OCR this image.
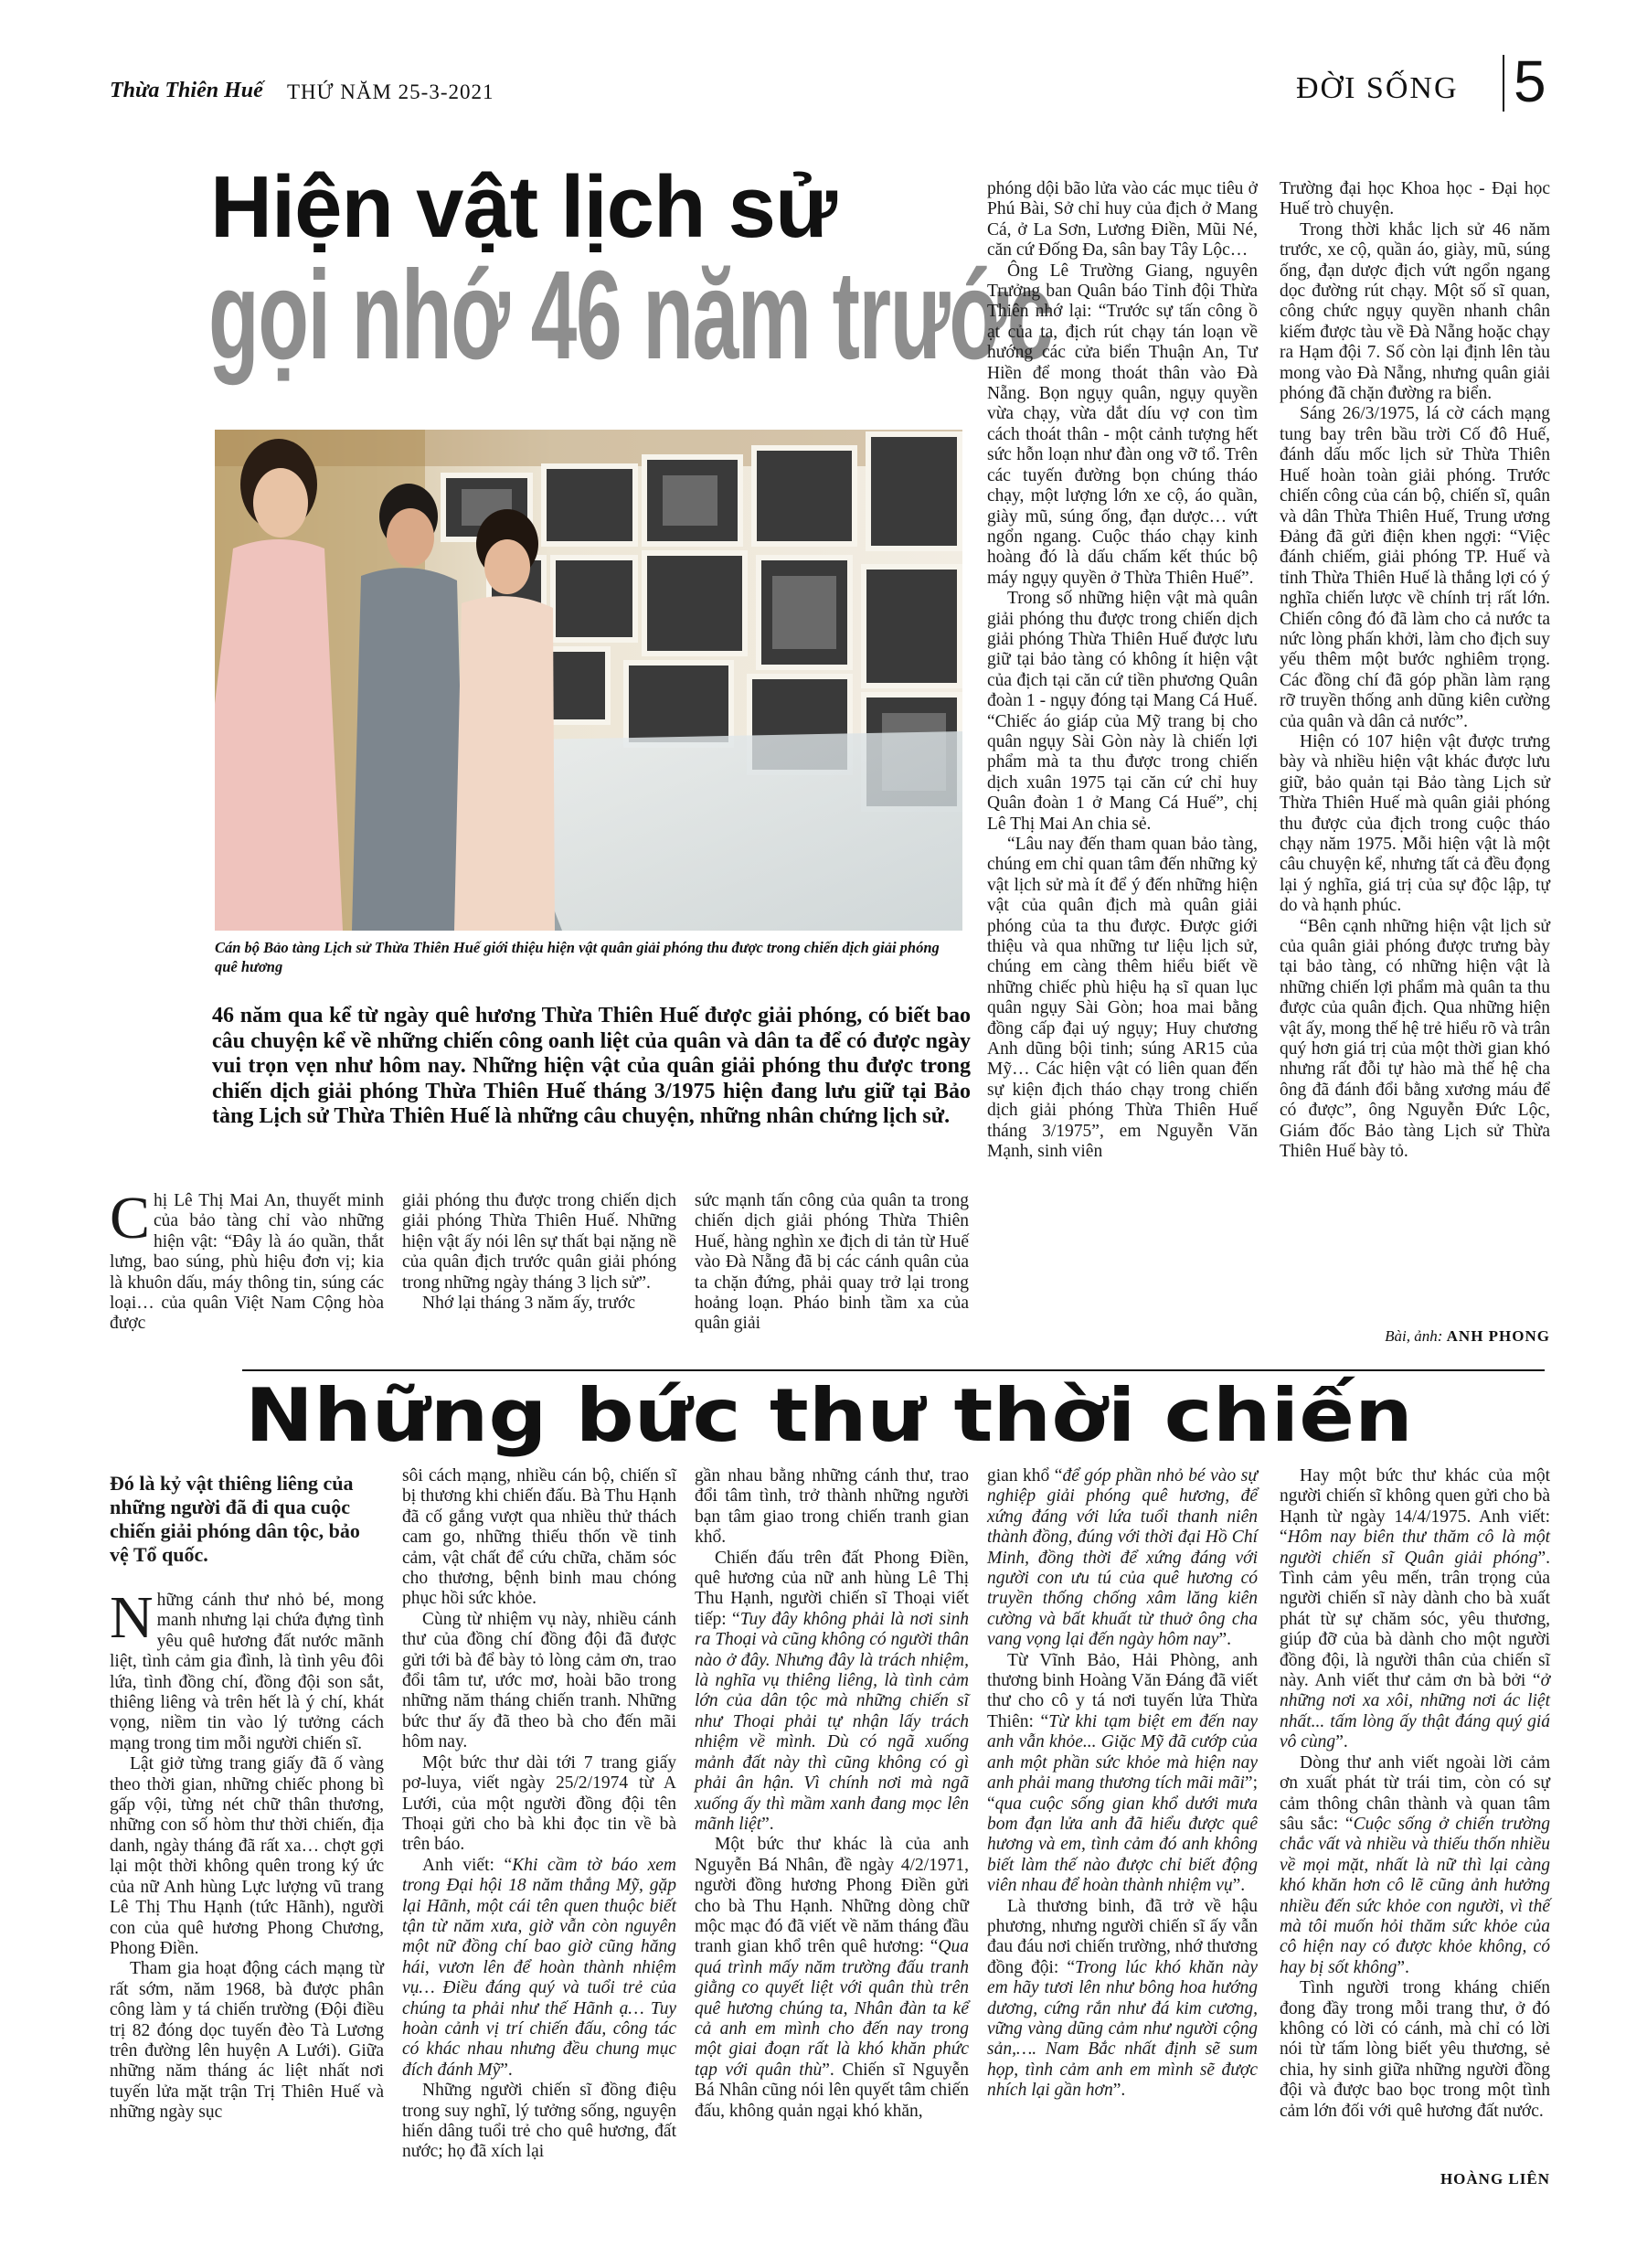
Thừa Thiên Huế THỨ NĂM 25-3-2021	ĐỜI SỐNG 5
Hiện vật lịch sử
gọi nhớ 46 năm trước
Cán bộ Bảo tàng Lịch sử Thừa Thiên Huế giới thiệu hiện vật quân giải phóng thu được trong chiến dịch giải phóng quê hương
46 năm qua kể từ ngày quê hương Thừa Thiên Huế được giải phóng, có biết bao câu chuyện kể về những chiến công oanh liệt của quân và dân ta để có được ngày vui trọn vẹn như hôm nay. Những hiện vật của quân giải phóng thu được trong chiến dịch giải phóng Thừa Thiên Huế tháng 3/1975 hiện đang lưu giữ tại Bảo tàng Lịch sử Thừa Thiên Huế là những câu chuyện, những nhân chứng lịch sử.

Chị Lê Thị Mai An, thuyết minh của bảo tàng chỉ vào những hiện vật: “Đây là áo quần, thắt lưng, bao súng, phù hiệu đơn vị; kia là khuôn dấu, máy thông tin, súng các loại… của quân Việt Nam Cộng hòa được

giải phóng thu được trong chiến dịch giải phóng Thừa Thiên Huế. Những hiện vật ấy nói lên sự thất bại nặng nề của quân địch trước quân giải phóng trong những ngày tháng 3 lịch sử”.

Nhớ lại tháng 3 năm ấy, trước

sức mạnh tấn công của quân ta trong chiến dịch giải phóng Thừa Thiên Huế, hàng nghìn xe địch di tản từ Huế vào Đà Nẵng đã bị các cánh quân của ta chặn đứng, phải quay trở lại trong hoảng loạn. Pháo binh tầm xa của quân giải

phóng dội bão lửa vào các mục tiêu ở Phú Bài, Sở chỉ huy của địch ở Mang Cá, ở La Sơn, Lương Điền, Mũi Né, căn cứ Đống Đa, sân bay Tây Lộc…

Ông Lê Trường Giang, nguyên Trưởng ban Quân báo Tỉnh đội Thừa Thiên nhớ lại: “Trước sự tấn công ồ ạt của ta, địch rút chạy tán loạn về hướng các cửa biển Thuận An, Tư Hiền để mong thoát thân vào Đà Nẵng. Bọn ngụy quân, ngụy quyền vừa chạy, vừa dắt díu vợ con tìm cách thoát thân - một cảnh tượng hết sức hỗn loạn như đàn ong vỡ tổ. Trên các tuyến đường bọn chúng tháo chạy, một lượng lớn xe cộ, áo quần, giày mũ, súng ống, đạn dược… vứt ngổn ngang. Cuộc tháo chạy kinh hoàng đó là dấu chấm kết thúc bộ máy ngụy quyền ở Thừa Thiên Huế”.

Trong số những hiện vật mà quân giải phóng thu được trong chiến dịch giải phóng Thừa Thiên Huế được lưu giữ tại bảo tàng có không ít hiện vật của địch tại căn cứ tiền phương Quân đoàn 1 - ngụy đóng tại Mang Cá Huế. “Chiếc áo giáp của Mỹ trang bị cho quân ngụy Sài Gòn này là chiến lợi phẩm mà ta thu được trong chiến dịch xuân 1975 tại căn cứ chỉ huy Quân đoàn 1 ở Mang Cá Huế”, chị Lê Thị Mai An chia sẻ.

“Lâu nay đến tham quan bảo tàng, chúng em chỉ quan tâm đến những kỷ vật lịch sử mà ít để ý đến những hiện vật của quân địch mà quân giải phóng của ta thu được. Được giới thiệu và qua những tư liệu lịch sử, chúng em càng thêm hiểu biết về những chiếc phù hiệu hạ sĩ quan lục quân ngụy Sài Gòn; hoa mai bằng đồng cấp đại uý ngụy; Huy chương Anh dũng bội tinh; súng AR15 của Mỹ… Các hiện vật có liên quan đến sự kiện địch tháo chạy trong chiến dịch giải phóng Thừa Thiên Huế tháng 3/1975”, em Nguyễn Văn Mạnh, sinh viên

Trường đại học Khoa học - Đại học Huế trò chuyện.

Trong thời khắc lịch sử 46 năm trước, xe cộ, quần áo, giày, mũ, súng ống, đạn dược địch vứt ngổn ngang dọc đường rút chạy. Một số sĩ quan, công chức ngụy quyền nhanh chân kiếm được tàu về Đà Nẵng hoặc chạy ra Hạm đội 7. Số còn lại định lên tàu mong vào Đà Nẵng, nhưng quân giải phóng đã chặn đường ra biển.

Sáng 26/3/1975, lá cờ cách mạng tung bay trên bầu trời Cố đô Huế, đánh dấu mốc lịch sử Thừa Thiên Huế hoàn toàn giải phóng. Trước chiến công của cán bộ, chiến sĩ, quân và dân Thừa Thiên Huế, Trung ương Đảng đã gửi điện khen ngợi: “Việc đánh chiếm, giải phóng TP. Huế và tỉnh Thừa Thiên Huế là thắng lợi có ý nghĩa chiến lược về chính trị rất lớn. Chiến công đó đã làm cho cả nước ta nức lòng phấn khởi, làm cho địch suy yếu thêm một bước nghiêm trọng. Các đồng chí đã góp phần làm rạng rỡ truyền thống anh dũng kiên cường của quân và dân cả nước”.

Hiện có 107 hiện vật được trưng bày và nhiều hiện vật khác được lưu giữ, bảo quản tại Bảo tàng Lịch sử Thừa Thiên Huế mà quân giải phóng thu được của địch trong cuộc tháo chạy năm 1975. Mỗi hiện vật là một câu chuyện kể, nhưng tất cả đều đọng lại ý nghĩa, giá trị của sự độc lập, tự do và hạnh phúc.

“Bên cạnh những hiện vật lịch sử của quân giải phóng được trưng bày tại bảo tàng, có những hiện vật là những chiến lợi phẩm mà quân ta thu được của quân địch. Qua những hiện vật ấy, mong thế hệ trẻ hiểu rõ và trân quý hơn giá trị của một thời gian khó nhưng rất đỗi tự hào mà thế hệ cha ông đã đánh đổi bằng xương máu để có được”, ông Nguyễn Đức Lộc, Giám đốc Bảo tàng Lịch sử Thừa Thiên Huế bày tỏ.

Bài, ảnh: ANH PHONG
Những bức thư thời chiến

Đó là kỷ vật thiêng liêng của những người đã đi qua cuộc chiến giải phóng dân tộc, bảo vệ Tổ quốc.

Những cánh thư nhỏ bé, mong manh nhưng lại chứa đựng tình yêu quê hương đất nước mãnh liệt, tình cảm gia đình, là tình yêu đôi lứa, tình đồng chí, đồng đội son sắt, thiêng liêng và trên hết là ý chí, khát vọng, niềm tin vào lý tưởng cách mạng trong tim mỗi người chiến sĩ.

Lật giở từng trang giấy đã ố vàng theo thời gian, những chiếc phong bì gấp vội, từng nét chữ thân thương, những con số hòm thư thời chiến, địa danh, ngày tháng đã rất xa… chợt gợi lại một thời không quên trong ký ức của nữ Anh hùng Lực lượng vũ trang Lê Thị Thu Hạnh (tức Hãnh), người con của quê hương Phong Chương, Phong Điền.

Tham gia hoạt động cách mạng từ rất sớm, năm 1968, bà được phân công làm y tá chiến trường (Đội điều trị 82 đóng dọc tuyến đèo Tà Lương trên đường lên huyện A Lưới). Giữa những năm tháng ác liệt nhất nơi tuyến lửa mặt trận Trị Thiên Huế và những ngày sục

sôi cách mạng, nhiều cán bộ, chiến sĩ bị thương khi chiến đấu. Bà Thu Hạnh đã cố gắng vượt qua nhiều thử thách cam go, những thiếu thốn về tinh cảm, vật chất để cứu chữa, chăm sóc cho thương, bệnh binh mau chóng phục hồi sức khỏe.

Cùng từ nhiệm vụ này, nhiều cánh thư của đồng chí đồng đội đã được gửi tới bà để bày tỏ lòng cảm ơn, trao đổi tâm tư, ước mơ, hoài bão trong những năm tháng chiến tranh. Những bức thư ấy đã theo bà cho đến mãi hôm nay.

Một bức thư dài tới 7 trang giấy pơ-luya, viết ngày 25/2/1974 từ A Lưới, của một người đồng đội tên Thoại gửi cho bà khi đọc tin về bà trên báo.

Anh viết: “Khi cầm tờ báo xem trong Đại hội 18 năm thắng Mỹ, gặp lại Hãnh, một cái tên quen thuộc biết tận từ năm xưa, giờ vẫn còn nguyên một nữ đồng chí bao giờ cũng hăng hái, vươn lên để hoàn thành nhiệm vụ… Điều đáng quý và tuổi trẻ của chúng ta phải như thế Hãnh ạ… Tuy hoàn cảnh vị trí chiến đấu, công tác có khác nhau nhưng đều chung mục đích đánh Mỹ”.

Những người chiến sĩ đồng điệu trong suy nghĩ, lý tưởng sống, nguyện hiến dâng tuổi trẻ cho quê hương, đất nước; họ đã xích lại

gần nhau bằng những cánh thư, trao đổi tâm tình, trở thành những người bạn tâm giao trong chiến tranh gian khổ.

Chiến đấu trên đất Phong Điền, quê hương của nữ anh hùng Lê Thị Thu Hạnh, người chiến sĩ Thoại viết tiếp: “Tuy đây không phải là nơi sinh ra Thoại và cũng không có người thân nào ở đây. Nhưng đây là trách nhiệm, là nghĩa vụ thiêng liêng, là tình cảm lớn của dân tộc mà những chiến sĩ như Thoại phải tự nhận lấy trách nhiệm về mình. Dù có ngã xuống mảnh đất này thì cũng không có gì phải ân hận. Vì chính nơi mà ngã xuống ấy thì mầm xanh đang mọc lên mãnh liệt”.

Một bức thư khác là của anh Nguyễn Bá Nhân, đề ngày 4/2/1971, người đồng hương Phong Điền gửi cho bà Thu Hạnh. Những dòng chữ mộc mạc đó đã viết về năm tháng đầu tranh gian khổ trên quê hương: “Qua quá trình mấy năm trường đấu tranh giằng co quyết liệt với quân thù trên quê hương chúng ta, Nhân đàn ta kể cả anh em mình cho đến nay trong một giai đoạn rất là khó khăn phức tạp với quân thù”. Chiến sĩ Nguyễn Bá Nhân cũng nói lên quyết tâm chiến đấu, không quản ngại khó khăn,

gian khổ “để góp phần nhỏ bé vào sự nghiệp giải phóng quê hương, để xứng đáng với lứa tuổi thanh niên thành đồng, đúng với thời đại Hồ Chí Minh, đồng thời để xứng đáng với người con ưu tú của quê hương có truyền thống chống xâm lăng kiên cường và bất khuất từ thuở ông cha vang vọng lại đến ngày hôm nay”.

Từ Vĩnh Bảo, Hải Phòng, anh thương binh Hoàng Văn Đáng đã viết thư cho cô y tá nơi tuyến lửa Thừa Thiên: “Từ khi tạm biệt em đến nay anh vẫn khỏe... Giặc Mỹ đã cướp của anh một phần sức khỏe mà hiện nay anh phải mang thương tích mãi mãi”; “qua cuộc sống gian khổ dưới mưa bom đạn lửa anh đã hiểu được quê hương và em, tình cảm đó anh không biết làm thế nào được chỉ biết động viên nhau để hoàn thành nhiệm vụ”.

Là thương binh, đã trở về hậu phương, nhưng người chiến sĩ ấy vẫn đau đáu nơi chiến trường, nhớ thương đồng đội: “Trong lúc khó khăn này em hãy tươi lên như bông hoa hướng dương, cứng rắn như đá kim cương, vững vàng dũng cảm như người cộng sản,…. Nam Bắc nhất định sẽ sum họp, tình cảm anh em mình sẽ được nhích lại gần hơn”.

Hay một bức thư khác của một người chiến sĩ không quen gửi cho bà Hạnh từ ngày 14/4/1975. Anh viết: “Hôm nay biên thư thăm cô là một người chiến sĩ Quân giải phóng”. Tình cảm yêu mến, trân trọng của người chiến sĩ này dành cho bà xuất phát từ sự chăm sóc, yêu thương, giúp đỡ của bà dành cho một người đồng đội, là người thân của chiến sĩ này. Anh viết thư cảm ơn bà bởi “ở những nơi xa xôi, những nơi ác liệt nhất... tấm lòng ấy thật đáng quý giá vô cùng”.

Dòng thư anh viết ngoài lời cảm ơn xuất phát từ trái tim, còn có sự cảm thông chân thành và quan tâm sâu sắc: “Cuộc sống ở chiến trường chắc vất và nhiều và thiếu thốn nhiều về mọi mặt, nhất là nữ thì lại càng khó khăn hơn cô lẽ cũng ảnh hưởng nhiều đến sức khỏe con người, vì thế mà tôi muốn hỏi thăm sức khỏe của cô hiện nay có được khỏe không, có hay bị sốt không”.

Tình người trong kháng chiến đong đầy trong mỗi trang thư, ở đó không có lời có cánh, mà chỉ có lời nói từ tấm lòng biết yêu thương, sẻ chia, hy sinh giữa những người đồng đội và được bao bọc trong một tình cảm lớn đối với quê hương đất nước.

HOÀNG LIÊN
